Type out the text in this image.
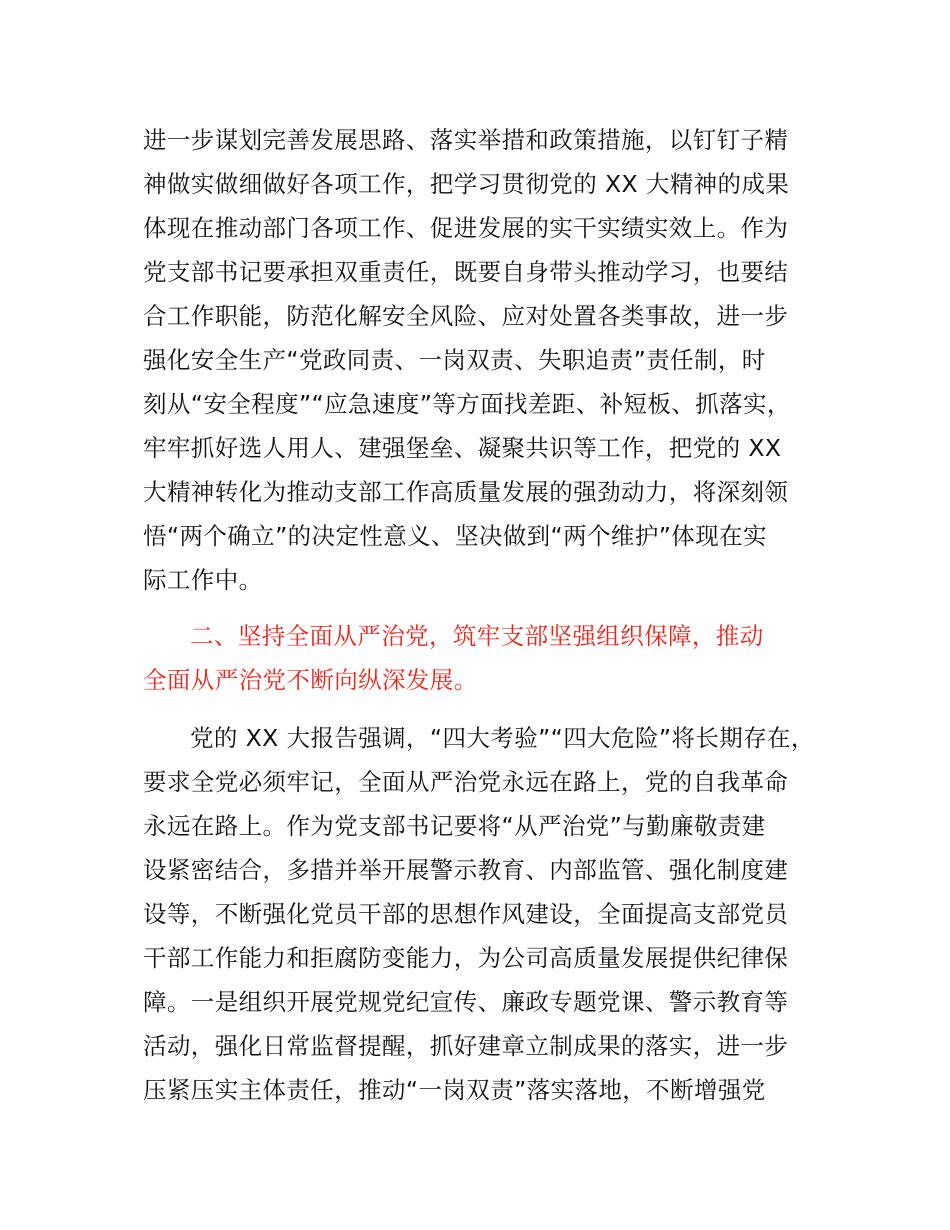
进一步谋划完善发展思路、落实举措和政策措施，以钉钉子精
神做实做细做好各项工作，把学习贯彻党的 XX 大精神的成果
体现在推动部门各项工作、促进发展的实干实绩实效上。作为
党支部书记要承担双重责任，既要自身带头推动学习，也要结
合工作职能，防范化解安全风险、应对处置各类事故，进一步
强化安全生产“党政同责、一岗双责、失职追责”责任制，时
刻从“安全程度”“应急速度”等方面找差距、补短板、抓落实，
牢牢抓好选人用人、建强堡垒、凝聚共识等工作，把党的 XX
大精神转化为推动支部工作高质量发展的强劲动力，将深刻领
悟“两个确立”的决定性意义、坚决做到“两个维护”体现在实
际工作中。
二、坚持全面从严治党，筑牢支部坚强组织保障，推动
全面从严治党不断向纵深发展。
党的 XX 大报告强调，“四大考验”“四大危险”将长期存在，
要求全党必须牢记，全面从严治党永远在路上，党的自我革命
永远在路上。作为党支部书记要将“从严治党”与勤廉敬责建
设紧密结合，多措并举开展警示教育、内部监管、强化制度建
设等，不断强化党员干部的思想作风建设，全面提高支部党员
干部工作能力和拒腐防变能力，为公司高质量发展提供纪律保
障。一是组织开展党规党纪宣传、廉政专题党课、警示教育等
活动，强化日常监督提醒，抓好建章立制成果的落实，进一步
压紧压实主体责任，推动“一岗双责”落实落地，不断增强党
